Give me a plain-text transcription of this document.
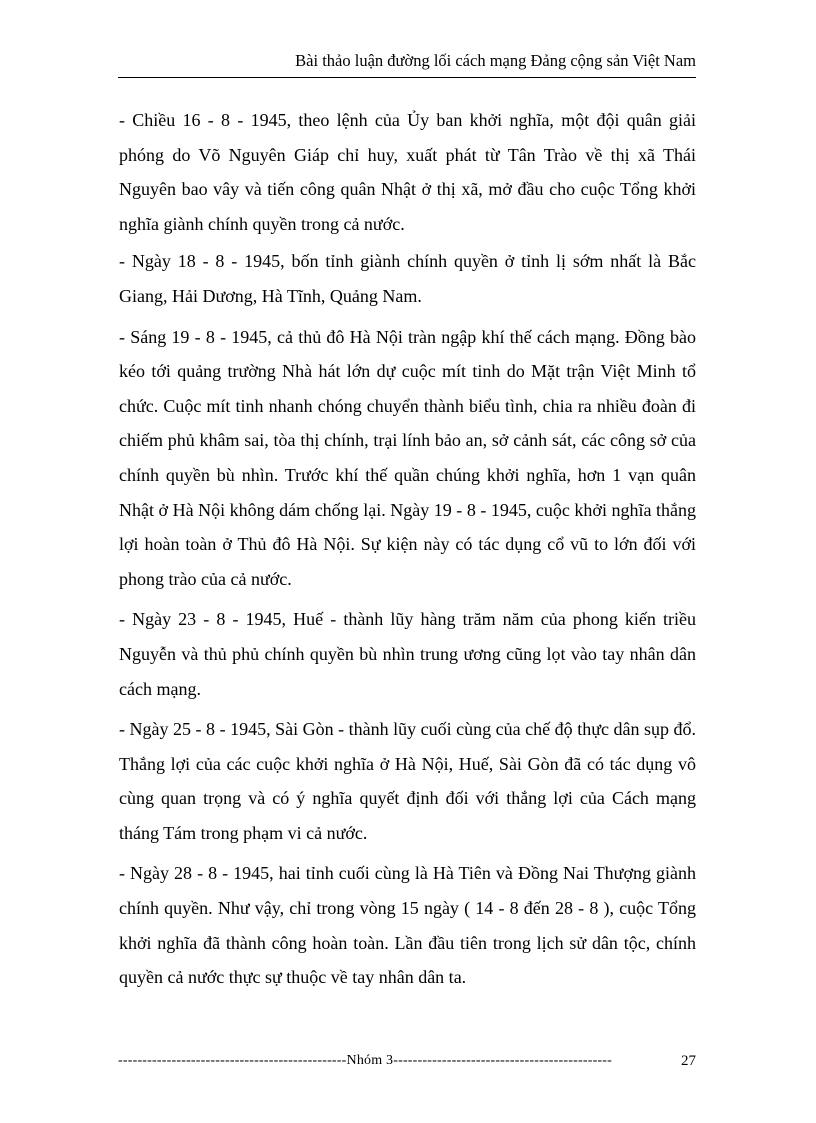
Bài thảo luận đường lối cách mạng Đảng cộng sản Việt Nam

- Chiều 16 - 8 - 1945, theo lệnh của Ủy ban khởi nghĩa, một đội quân giải phóng do Võ Nguyên Giáp chỉ huy, xuất phát từ Tân Trào về thị xã Thái Nguyên bao vây và tiến công quân Nhật ở thị xã, mở đầu cho cuộc Tổng khởi nghĩa giành chính quyền trong cả nước.

- Ngày 18 - 8 - 1945, bốn tỉnh giành chính quyền ở tỉnh lị sớm nhất là Bắc Giang, Hải Dương, Hà Tĩnh, Quảng Nam.

- Sáng 19 - 8 - 1945, cả thủ đô Hà Nội tràn ngập khí thế cách mạng. Đồng bào kéo tới quảng trường Nhà hát lớn dự cuộc mít tinh do Mặt trận Việt Minh tổ chức. Cuộc mít tinh nhanh chóng chuyển thành biểu tình, chia ra nhiều đoàn đi chiếm phủ khâm sai, tòa thị chính, trại lính bảo an, sở cảnh sát, các công sở của chính quyền bù nhìn. Trước khí thế quần chúng khởi nghĩa, hơn 1 vạn quân Nhật ở Hà Nội không dám chống lại. Ngày 19 - 8 - 1945, cuộc khởi nghĩa thắng lợi hoàn toàn ở Thủ đô Hà Nội. Sự kiện này có tác dụng cổ vũ to lớn đối với phong trào của cả nước.

- Ngày 23 - 8 - 1945, Huế - thành lũy hàng trăm năm của phong kiến triều Nguyễn và thủ phủ chính quyền bù nhìn trung ương cũng lọt vào tay nhân dân cách mạng.

- Ngày 25 - 8 - 1945, Sài Gòn - thành lũy cuối cùng của chế độ thực dân sụp đổ. Thắng lợi của các cuộc khởi nghĩa ở Hà Nội, Huế, Sài Gòn đã có tác dụng vô cùng quan trọng và có ý nghĩa quyết định đối với thắng lợi của Cách mạng tháng Tám trong phạm vi cả nước.

- Ngày 28 - 8 - 1945, hai tỉnh cuối cùng là Hà Tiên và Đồng Nai Thượng giành chính quyền. Như vậy, chỉ trong vòng 15 ngày ( 14 - 8 đến 28 - 8 ), cuộc Tổng khởi nghĩa đã thành công hoàn toàn. Lần đầu tiên trong lịch sử dân tộc, chính quyền cả nước thực sự thuộc về tay nhân dân ta.

-----------------------------------------------Nhóm 3---------------------------------------------	27
